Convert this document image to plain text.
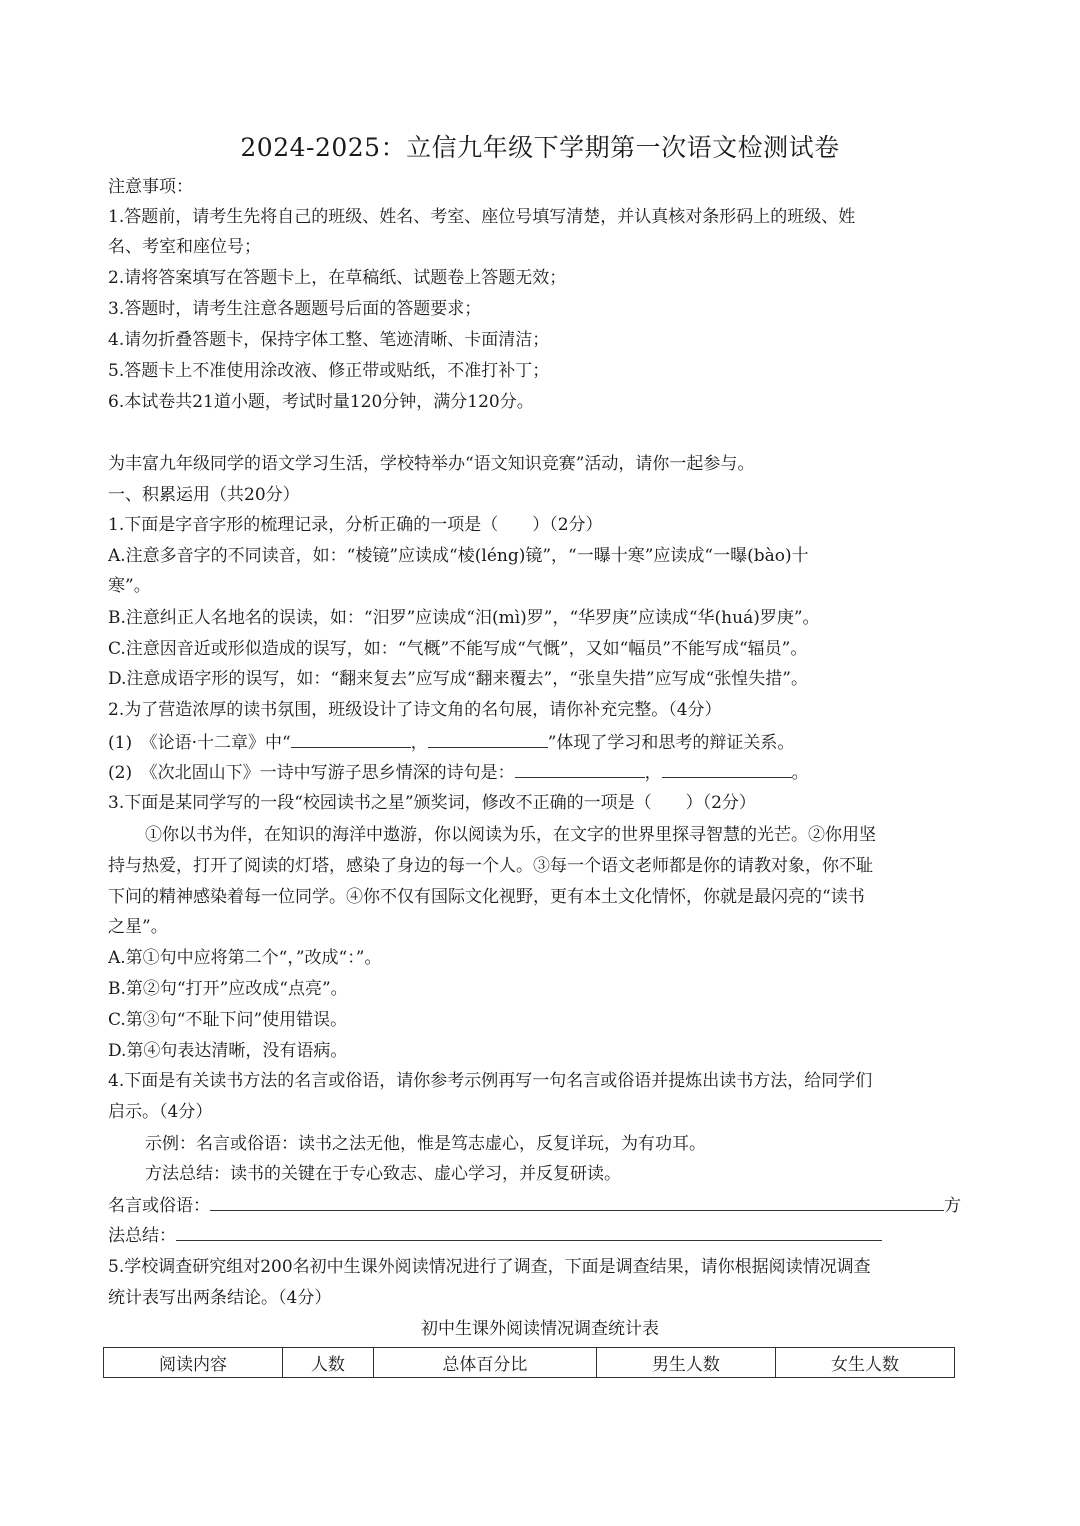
2024-2025：立信九年级下学期第一次语文检测试卷
注意事项：
1.答题前，请考生先将自己的班级、姓名、考室、座位号填写清楚，并认真核对条形码上的班级、姓
名、考室和座位号；
2.请将答案填写在答题卡上，在草稿纸、试题卷上答题无效；
3.答题时，请考生注意各题题号后面的答题要求；
4.请勿折叠答题卡，保持字体工整、笔迹清晰、卡面清洁；
5.答题卡上不准使用涂改液、修正带或贴纸，不准打补丁；
6.本试卷共21道小题，考试时量120分钟，满分120分。
为丰富九年级同学的语文学习生活，学校特举办“语文知识竞赛”活动，请你一起参与。
一、积累运用（共20分）
1.下面是字音字形的梳理记录，分析正确的一项是（　　）（2分）
A.注意多音字的不同读音，如：“棱镜”应读成“棱(léng)镜”，“一曝十寒”应读成“一曝(bào)十
寒”。
B.注意纠正人名地名的误读，如：“汨罗”应读成“汨(mì)罗”，“华罗庚”应读成“华(huá)罗庚”。
C.注意因音近或形似造成的误写，如：“气概”不能写成“气慨”，又如“幅员”不能写成“辐员”。
D.注意成语字形的误写，如：“翻来复去”应写成“翻来覆去”，“张皇失措”应写成“张惶失措”。
2.为了营造浓厚的读书氛围，班级设计了诗文角的名句展，请你补充完整。（4分）
(1)　《论语·十二章》中“	，	”体现了学习和思考的辩证关系。
(2)　《次北固山下》一诗中写游子思乡情深的诗句是：	，	。
3.下面是某同学写的一段“校园读书之星”颁奖词，修改不正确的一项是（　　）（2分）
①你以书为伴，在知识的海洋中遨游，你以阅读为乐，在文字的世界里探寻智慧的光芒。②你用坚
持与热爱，打开了阅读的灯塔，感染了身边的每一个人。③每一个语文老师都是你的请教对象，你不耻
下问的精神感染着每一位同学。④你不仅有国际文化视野，更有本土文化情怀，你就是最闪亮的“读书
之星”。
A.第①句中应将第二个“，”改成“：”。
B.第②句“打开”应改成“点亮”。
C.第③句“不耻下问”使用错误。
D.第④句表达清晰，没有语病。
4.下面是有关读书方法的名言或俗语，请你参考示例再写一句名言或俗语并提炼出读书方法，给同学们
启示。（4分）
示例：名言或俗语：读书之法无他，惟是笃志虚心，反复详玩，为有功耳。
方法总结：读书的关键在于专心致志、虚心学习，并反复研读。
名言或俗语：	方
法总结：
5.学校调查研究组对200名初中生课外阅读情况进行了调查，下面是调查结果，请你根据阅读情况调查
统计表写出两条结论。（4分）
初中生课外阅读情况调查统计表
阅读内容	人数	总体百分比	男生人数	女生人数
